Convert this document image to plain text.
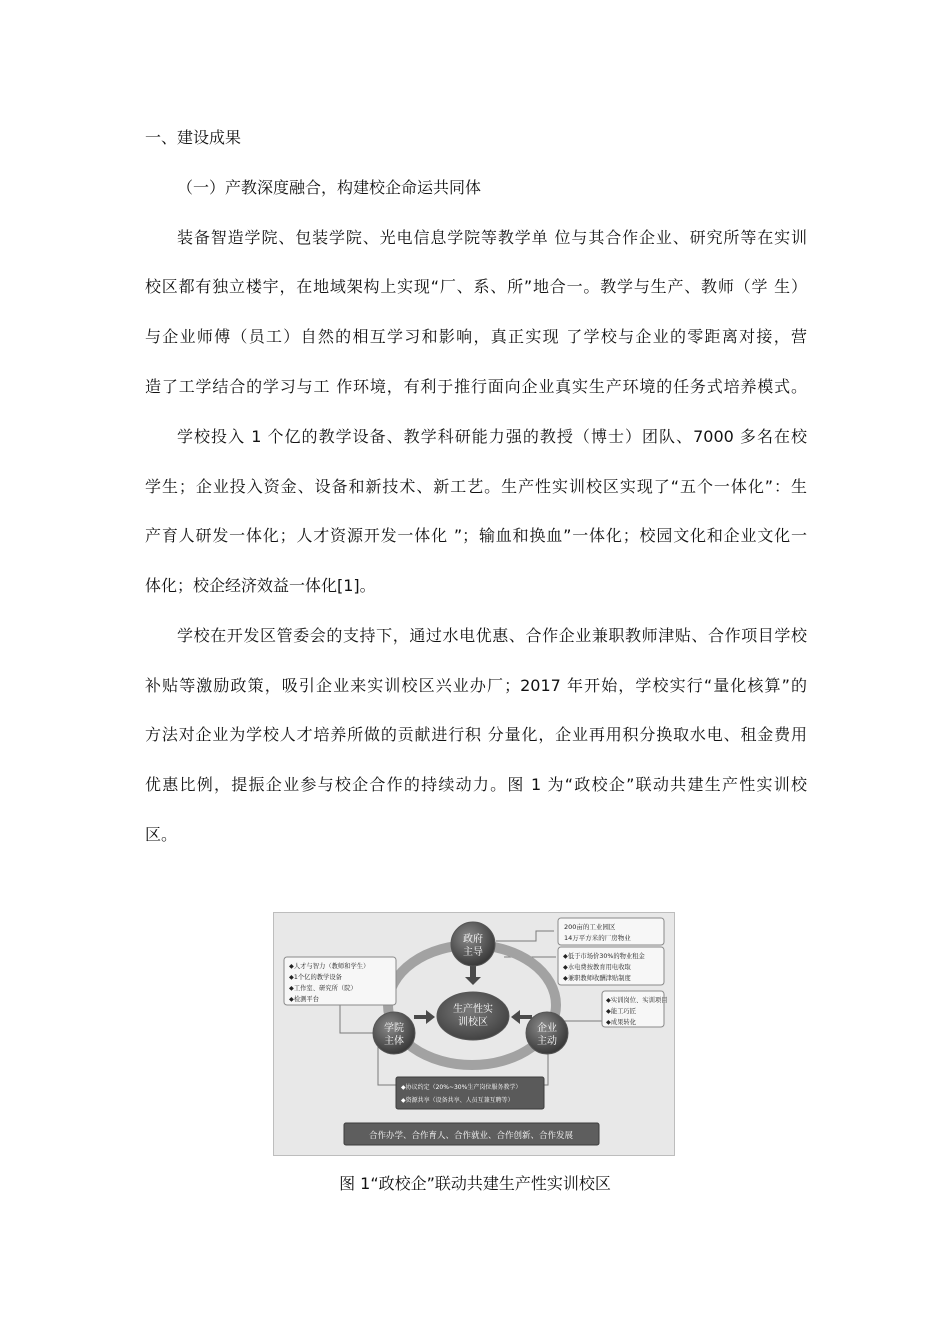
一、建设成果
（一）产教深度融合，构建校企命运共同体
装备智造学院、包装学院、光电信息学院等教学单 位与其合作企业、研究所等在实训
校区都有独立楼宇，在地域架构上实现“厂、系、所”地合一。教学与生产、教师（学 生）
与企业师傅（员工）自然的相互学习和影响，真正实现 了学校与企业的零距离对接，营
造了工学结合的学习与工 作环境，有利于推行面向企业真实生产环境的任务式培养模式。
学校投入 1 个亿的教学设备、教学科研能力强的教授（博士）团队、7000 多名在校
学生；企业投入资金、设备和新技术、新工艺。生产性实训校区实现了“五个一体化”：生
产育人研发一体化；人才资源开发一体化 ”；输血和换血”一体化；校园文化和企业文化一
体化；校企经济效益一体化[1]。
学校在开发区管委会的支持下，通过水电优惠、合作企业兼职教师津贴、合作项目学校
补贴等激励政策，吸引企业来实训校区兴业办厂；2017 年开始，学校实行“量化核算”的
方法对企业为学校人才培养所做的贡献进行积 分量化，企业再用积分换取水电、租金费用
优惠比例，提振企业参与校企合作的持续动力。图 1 为“政校企”联动共建生产性实训校
区。
政府
主导
学院
主体
企业
主动
生产性实
训校区
200亩的工业园区
14万平方米的厂房物业
◆低于市场价30%的物业租金
◆水电费按教育用电收取
◆兼职教师收酬津贴制度
◆人才与智力（教师和学生）
◆1个亿的教学设备
◆工作室、研究所（院）
◆检测平台	◆实训岗位、实训项目
◆能工巧匠
◆成果转化
◆协议约定（20%~30%生产岗位服务教学）
◆资源共享（设备共享、人员互兼互聘等）
合作办学、合作育人、合作就业、合作创新、合作发展
图 1“政校企”联动共建生产性实训校区
